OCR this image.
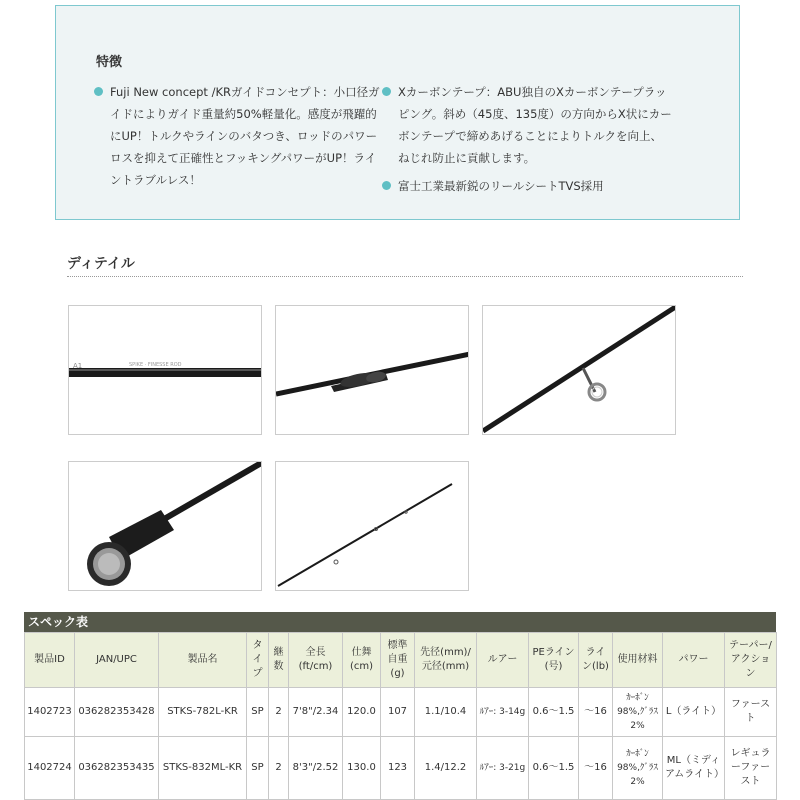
特徴
Fuji New concept /KRガイドコンセプト：小口径ガイドによりガイド重量約50%軽量化。感度が飛躍的にUP！トルクやラインのバタつき、ロッドのパワーロスを抑えて正確性とフッキングパワーがUP！ライントラブルレス！
Xカーボンテープ：ABU独自のXカーボンテープラッピング。斜め（45度、135度）の方向からX状にカーボンテープで締めあげることによりトルクを向上、ねじれ防止に貢献します。
富士工業最新鋭のリールシートTVS採用
ディテイル
A1	SPIKE · FINESSE ROD
スペック表
製品ID	JAN/UPC	製品名	タイプ	継数	全長(ft/cm)	仕舞(cm)	標準自重(g)	先径(mm)/元径(mm)	ルアー	PEライン(号)	ライン(lb)	使用材料	パワー	テーパー/アクション
1402723	036282353428	STKS-782L-KR	SP	2	7'8"/2.34	120.0	107	1.1/10.4	ﾙｱｰ: 3-14g	0.6〜1.5	〜16	ｶｰﾎﾞﾝ 98%,ｸﾞﾗｽ2%	L（ライト）	ファースト
1402724	036282353435	STKS-832ML-KR	SP	2	8'3"/2.52	130.0	123	1.4/12.2	ﾙｱｰ: 3-21g	0.6〜1.5	〜16	ｶｰﾎﾞﾝ 98%,ｸﾞﾗｽ2%	ML（ミディアムライト）	レギュラーファースト
